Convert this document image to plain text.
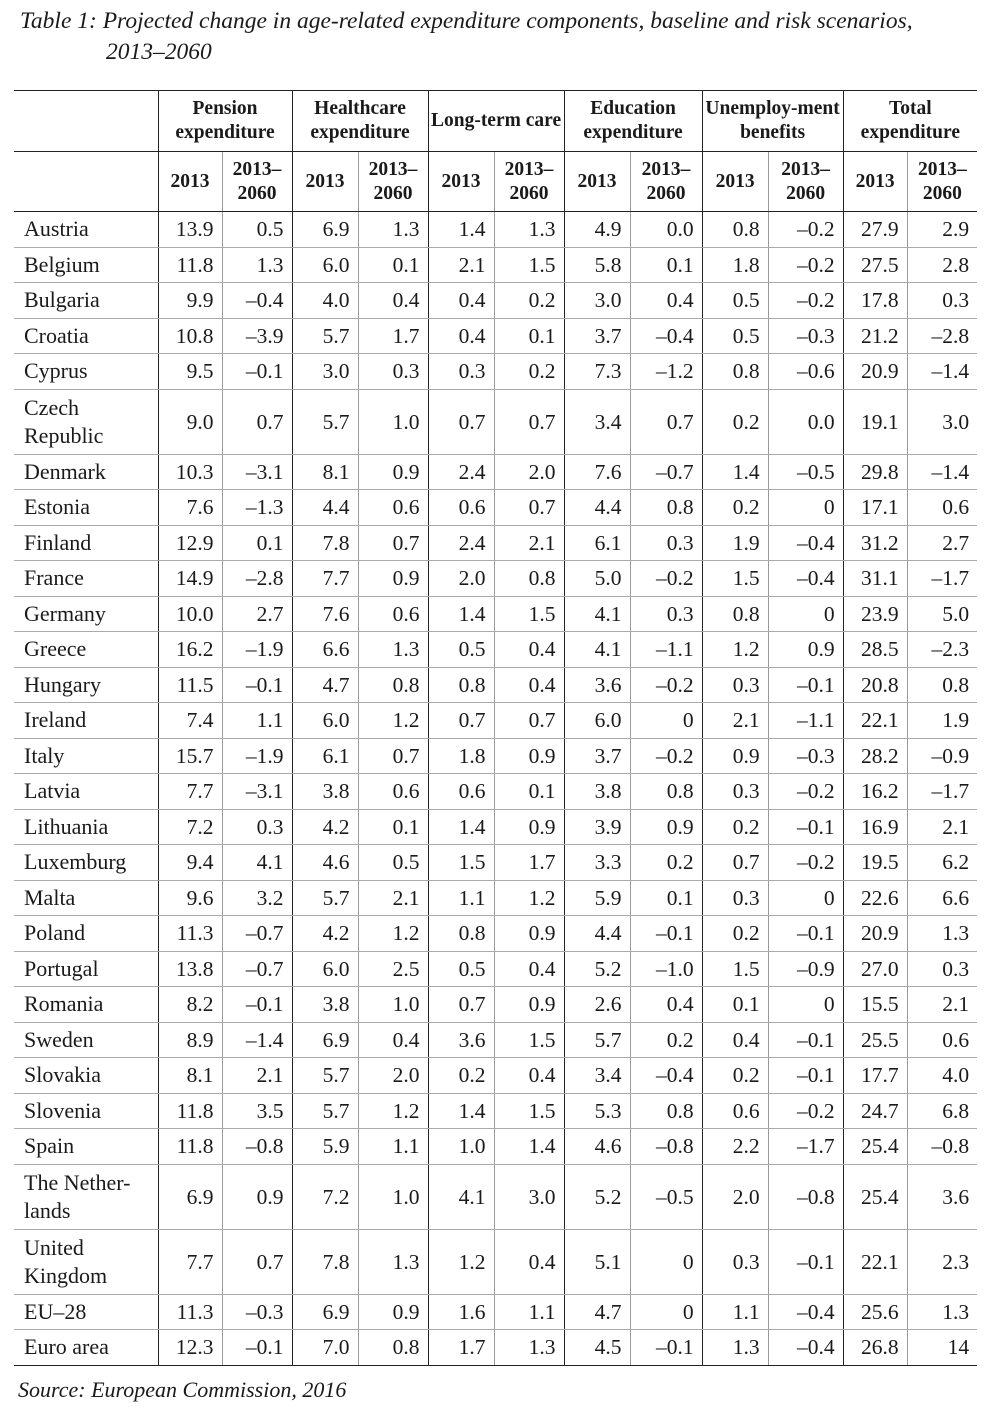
Table 1: Projected change in age-related expenditure components, baseline and risk scenarios,
2013–2060
	Pension expenditure		Healthcare expenditure		Long-term care		Education expenditure		Unemploy-ment benefits		Total expenditure	
	2013	2013–2060	2013	2013–2060	2013	2013–2060	2013	2013–2060	2013	2013–2060	2013	2013–2060
Austria	13.9	0.5	6.9	1.3	1.4	1.3	4.9	0.0	0.8	–0.2	27.9	2.9
Belgium	11.8	1.3	6.0	0.1	2.1	1.5	5.8	0.1	1.8	–0.2	27.5	2.8
Bulgaria	9.9	–0.4	4.0	0.4	0.4	0.2	3.0	0.4	0.5	–0.2	17.8	0.3
Croatia	10.8	–3.9	5.7	1.7	0.4	0.1	3.7	–0.4	0.5	–0.3	21.2	–2.8
Cyprus	9.5	–0.1	3.0	0.3	0.3	0.2	7.3	–1.2	0.8	–0.6	20.9	–1.4
Czech Republic	9.0	0.7	5.7	1.0	0.7	0.7	3.4	0.7	0.2	0.0	19.1	3.0
Denmark	10.3	–3.1	8.1	0.9	2.4	2.0	7.6	–0.7	1.4	–0.5	29.8	–1.4
Estonia	7.6	–1.3	4.4	0.6	0.6	0.7	4.4	0.8	0.2	0	17.1	0.6
Finland	12.9	0.1	7.8	0.7	2.4	2.1	6.1	0.3	1.9	–0.4	31.2	2.7
France	14.9	–2.8	7.7	0.9	2.0	0.8	5.0	–0.2	1.5	–0.4	31.1	–1.7
Germany	10.0	2.7	7.6	0.6	1.4	1.5	4.1	0.3	0.8	0	23.9	5.0
Greece	16.2	–1.9	6.6	1.3	0.5	0.4	4.1	–1.1	1.2	0.9	28.5	–2.3
Hungary	11.5	–0.1	4.7	0.8	0.8	0.4	3.6	–0.2	0.3	–0.1	20.8	0.8
Ireland	7.4	1.1	6.0	1.2	0.7	0.7	6.0	0	2.1	–1.1	22.1	1.9
Italy	15.7	–1.9	6.1	0.7	1.8	0.9	3.7	–0.2	0.9	–0.3	28.2	–0.9
Latvia	7.7	–3.1	3.8	0.6	0.6	0.1	3.8	0.8	0.3	–0.2	16.2	–1.7
Lithuania	7.2	0.3	4.2	0.1	1.4	0.9	3.9	0.9	0.2	–0.1	16.9	2.1
Luxemburg	9.4	4.1	4.6	0.5	1.5	1.7	3.3	0.2	0.7	–0.2	19.5	6.2
Malta	9.6	3.2	5.7	2.1	1.1	1.2	5.9	0.1	0.3	0	22.6	6.6
Poland	11.3	–0.7	4.2	1.2	0.8	0.9	4.4	–0.1	0.2	–0.1	20.9	1.3
Portugal	13.8	–0.7	6.0	2.5	0.5	0.4	5.2	–1.0	1.5	–0.9	27.0	0.3
Romania	8.2	–0.1	3.8	1.0	0.7	0.9	2.6	0.4	0.1	0	15.5	2.1
Sweden	8.9	–1.4	6.9	0.4	3.6	1.5	5.7	0.2	0.4	–0.1	25.5	0.6
Slovakia	8.1	2.1	5.7	2.0	0.2	0.4	3.4	–0.4	0.2	–0.1	17.7	4.0
Slovenia	11.8	3.5	5.7	1.2	1.4	1.5	5.3	0.8	0.6	–0.2	24.7	6.8
Spain	11.8	–0.8	5.9	1.1	1.0	1.4	4.6	–0.8	2.2	–1.7	25.4	–0.8
The Nether- lands	6.9	0.9	7.2	1.0	4.1	3.0	5.2	–0.5	2.0	–0.8	25.4	3.6
United Kingdom	7.7	0.7	7.8	1.3	1.2	0.4	5.1	0	0.3	–0.1	22.1	2.3
EU–28	11.3	–0.3	6.9	0.9	1.6	1.1	4.7	0	1.1	–0.4	25.6	1.3
Euro area	12.3	–0.1	7.0	0.8	1.7	1.3	4.5	–0.1	1.3	–0.4	26.8	14
Source: European Commission, 2016
